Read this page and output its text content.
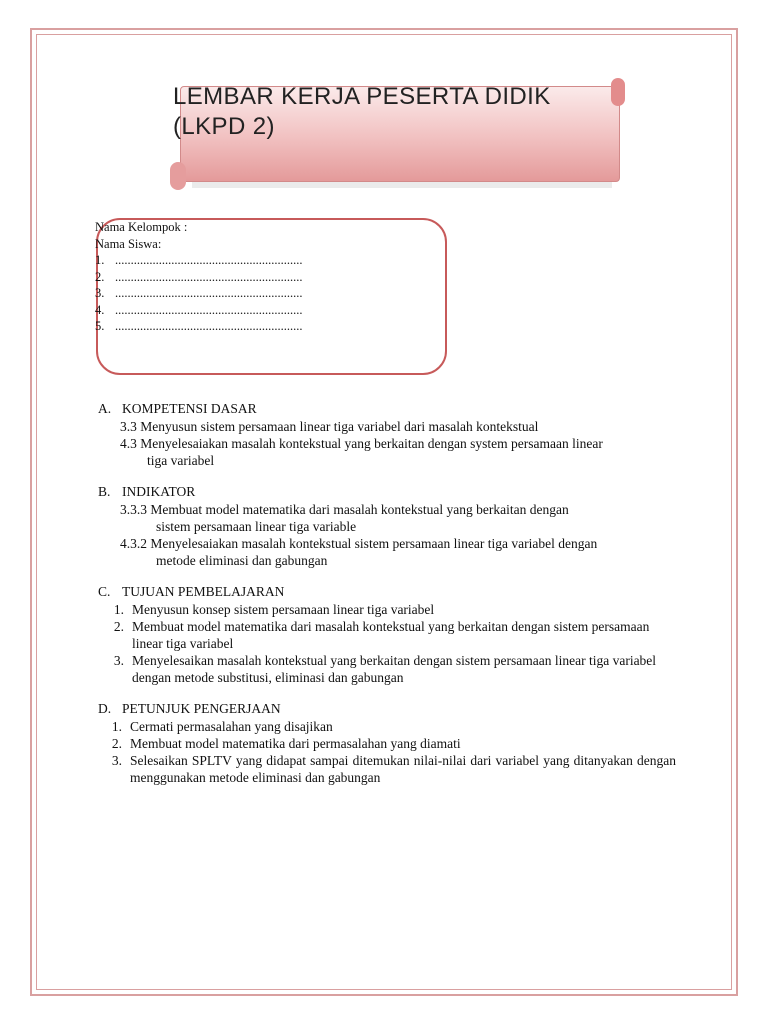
LEMBAR KERJA PESERTA DIDIK (LKPD 2)
Nama Kelompok :
Nama Siswa:
1. ............................................................
2. ............................................................
3. ............................................................
4. ............................................................
5. ............................................................
A. KOMPETENSI DASAR
3.3 Menyusun sistem persamaan linear tiga variabel dari masalah kontekstual
4.3 Menyelesaiakan masalah kontekstual yang berkaitan dengan system persamaan linear
tiga variabel
B. INDIKATOR
3.3.3 Membuat model matematika dari masalah kontekstual yang berkaitan dengan
sistem persamaan linear tiga variable
4.3.2 Menyelesaiakan masalah kontekstual sistem persamaan linear tiga variabel dengan
metode eliminasi dan gabungan
C. TUJUAN PEMBELAJARAN
1. Menyusun konsep sistem persamaan linear tiga variabel
2. Membuat model matematika dari masalah kontekstual yang berkaitan dengan sistem persamaan linear tiga variabel
3. Menyelesaikan masalah kontekstual yang berkaitan dengan sistem persamaan linear tiga variabel dengan metode substitusi, eliminasi dan gabungan
D. PETUNJUK PENGERJAAN
1. Cermati permasalahan yang disajikan
2. Membuat model matematika dari permasalahan yang diamati
3. Selesaikan SPLTV yang didapat sampai ditemukan nilai-nilai dari variabel yang ditanyakan dengan menggunakan metode eliminasi dan gabungan
